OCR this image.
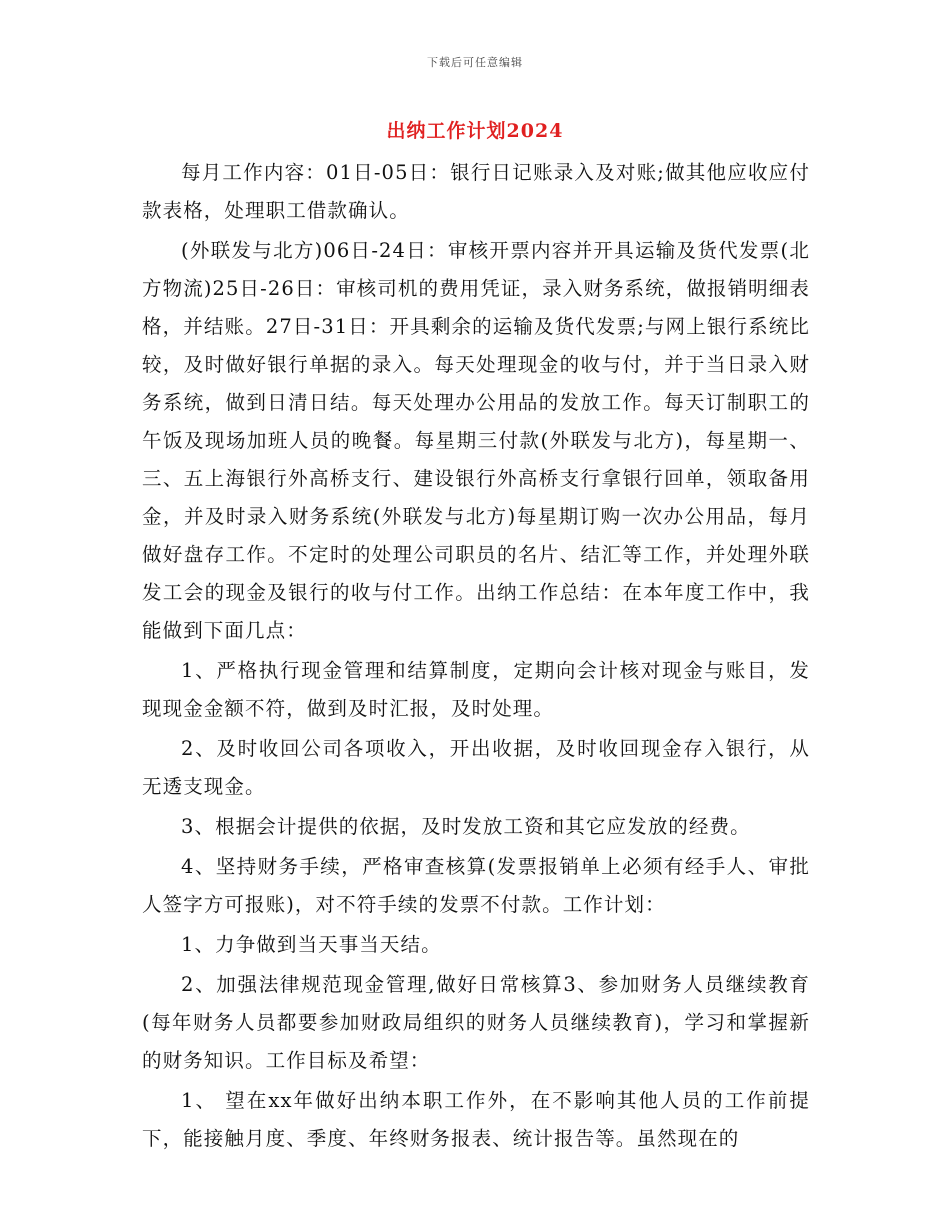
下载后可任意编辑
出纳工作计划2024

每月工作内容：01日-05日：银行日记账录入及对账;做其他应收应付款表格，处理职工借款确认。

(外联发与北方)06日-24日：审核开票内容并开具运输及货代发票(北方物流)25日-26日：审核司机的费用凭证，录入财务系统，做报销明细表格，并结账。27日-31日：开具剩余的运输及货代发票;与网上银行系统比较，及时做好银行单据的录入。每天处理现金的收与付，并于当日录入财务系统，做到日清日结。每天处理办公用品的发放工作。每天订制职工的午饭及现场加班人员的晚餐。每星期三付款(外联发与北方)，每星期一、三、五上海银行外高桥支行、建设银行外高桥支行拿银行回单，领取备用金，并及时录入财务系统(外联发与北方)每星期订购一次办公用品，每月做好盘存工作。不定时的处理公司职员的名片、结汇等工作，并处理外联发工会的现金及银行的收与付工作。出纳工作总结：在本年度工作中，我能做到下面几点：

1、严格执行现金管理和结算制度，定期向会计核对现金与账目，发现现金金额不符，做到及时汇报，及时处理。

2、及时收回公司各项收入，开出收据，及时收回现金存入银行，从无透支现金。

3、根据会计提供的依据，及时发放工资和其它应发放的经费。

4、坚持财务手续，严格审查核算(发票报销单上必须有经手人、审批人签字方可报账)，对不符手续的发票不付款。工作计划：

1、力争做到当天事当天结。

2、加强法律规范现金管理,做好日常核算3、参加财务人员继续教育(每年财务人员都要参加财政局组织的财务人员继续教育)，学习和掌握新的财务知识。工作目标及希望：

1、 望在xx年做好出纳本职工作外，在不影响其他人员的工作前提下，能接触月度、季度、年终财务报表、统计报告等。虽然现在的
